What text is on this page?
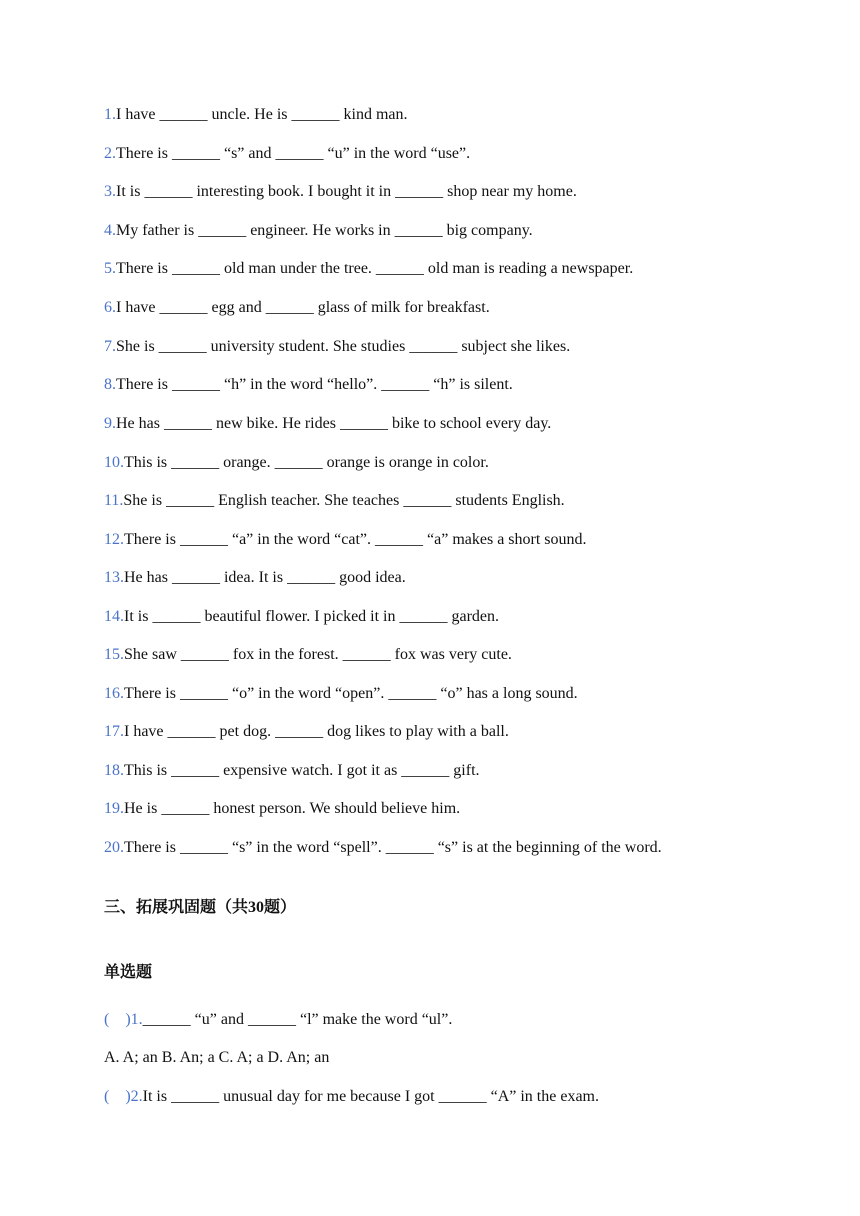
1.I have ______ uncle. He is ______ kind man.
2.There is ______ “s” and ______ “u” in the word “use”.
3.It is ______ interesting book. I bought it in ______ shop near my home.
4.My father is ______ engineer. He works in ______ big company.
5.There is ______ old man under the tree. ______ old man is reading a newspaper.
6.I have ______ egg and ______ glass of milk for breakfast.
7.She is ______ university student. She studies ______ subject she likes.
8.There is ______ “h” in the word “hello”. ______ “h” is silent.
9.He has ______ new bike. He rides ______ bike to school every day.
10.This is ______ orange. ______ orange is orange in color.
11.She is ______ English teacher. She teaches ______ students English.
12.There is ______ “a” in the word “cat”. ______ “a” makes a short sound.
13.He has ______ idea. It is ______ good idea.
14.It is ______ beautiful flower. I picked it in ______ garden.
15.She saw ______ fox in the forest. ______ fox was very cute.
16.There is ______ “o” in the word “open”. ______ “o” has a long sound.
17.I have ______ pet dog. ______ dog likes to play with a ball.
18.This is ______ expensive watch. I got it as ______ gift.
19.He is ______ honest person. We should believe him.
20.There is ______ “s” in the word “spell”. ______ “s” is at the beginning of the word.
三、拓展巩固题（共30题）
单选题
( )1.______ “u” and ______ “l” make the word “ul”.
A. A; an B. An; a C. A; a D. An; an
( )2.It is ______ unusual day for me because I got ______ “A” in the exam.
